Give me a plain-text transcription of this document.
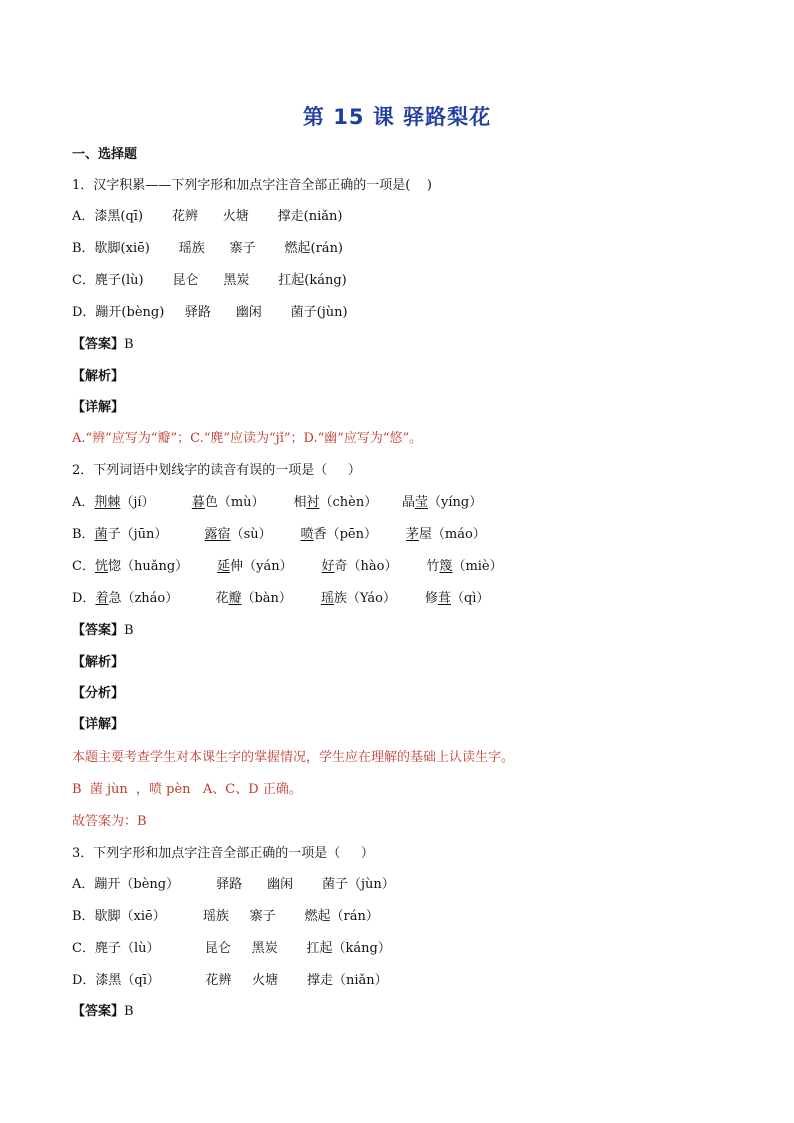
第 15 课 驿路梨花
一、选择题
1．汉字积累——下列字形和加点字注音全部正确的一项是(    )
A．漆黑(qī)       花辨      火塘       撑走(niǎn)
B．歇脚(xiē)       瑶族      寨子       燃起(rán)
C．麂子(lù)       昆仑      黑炭       扛起(káng)
D．蹦开(bèng)     驿路      幽闲       菌子(jùn)
【答案】B
【解析】
【详解】
A.“辨”应写为“瓣”；C.“麂”应读为“jǐ”；D.“幽”应写为“悠”。
2．下列词语中划线字的读音有误的一项是（     ）
A．荆棘（jí）         暮色（mù）       相衬（chèn）      晶莹（yíng）
B．菌子（jūn）         露宿（sù）       喷香（pēn）       茅屋（máo）
C．恍惚（huǎng）       延伸（yán）       好奇（hào）       竹篾（miè）
D．着急（zháo）         花瓣（bàn）       瑶族（Yáo）       修葺（qì）
【答案】B
【解析】
【分析】
【详解】
本题主要考查学生对本课生字的掌握情况，学生应在理解的基础上认读生字。
B  菌 jùn  ，喷 pèn   A、C、D 正确。
故答案为：B
3．下列字形和加点字注音全部正确的一项是（     ）
A．蹦开（bèng）         驿路      幽闲       菌子（jùn）
B．歇脚（xiē）         瑶族     寨子       燃起（rán）
C．麂子（lù）           昆仑     黑炭       扛起（káng）
D．漆黑（qī）           花辨     火塘       撑走（niǎn）
【答案】B
